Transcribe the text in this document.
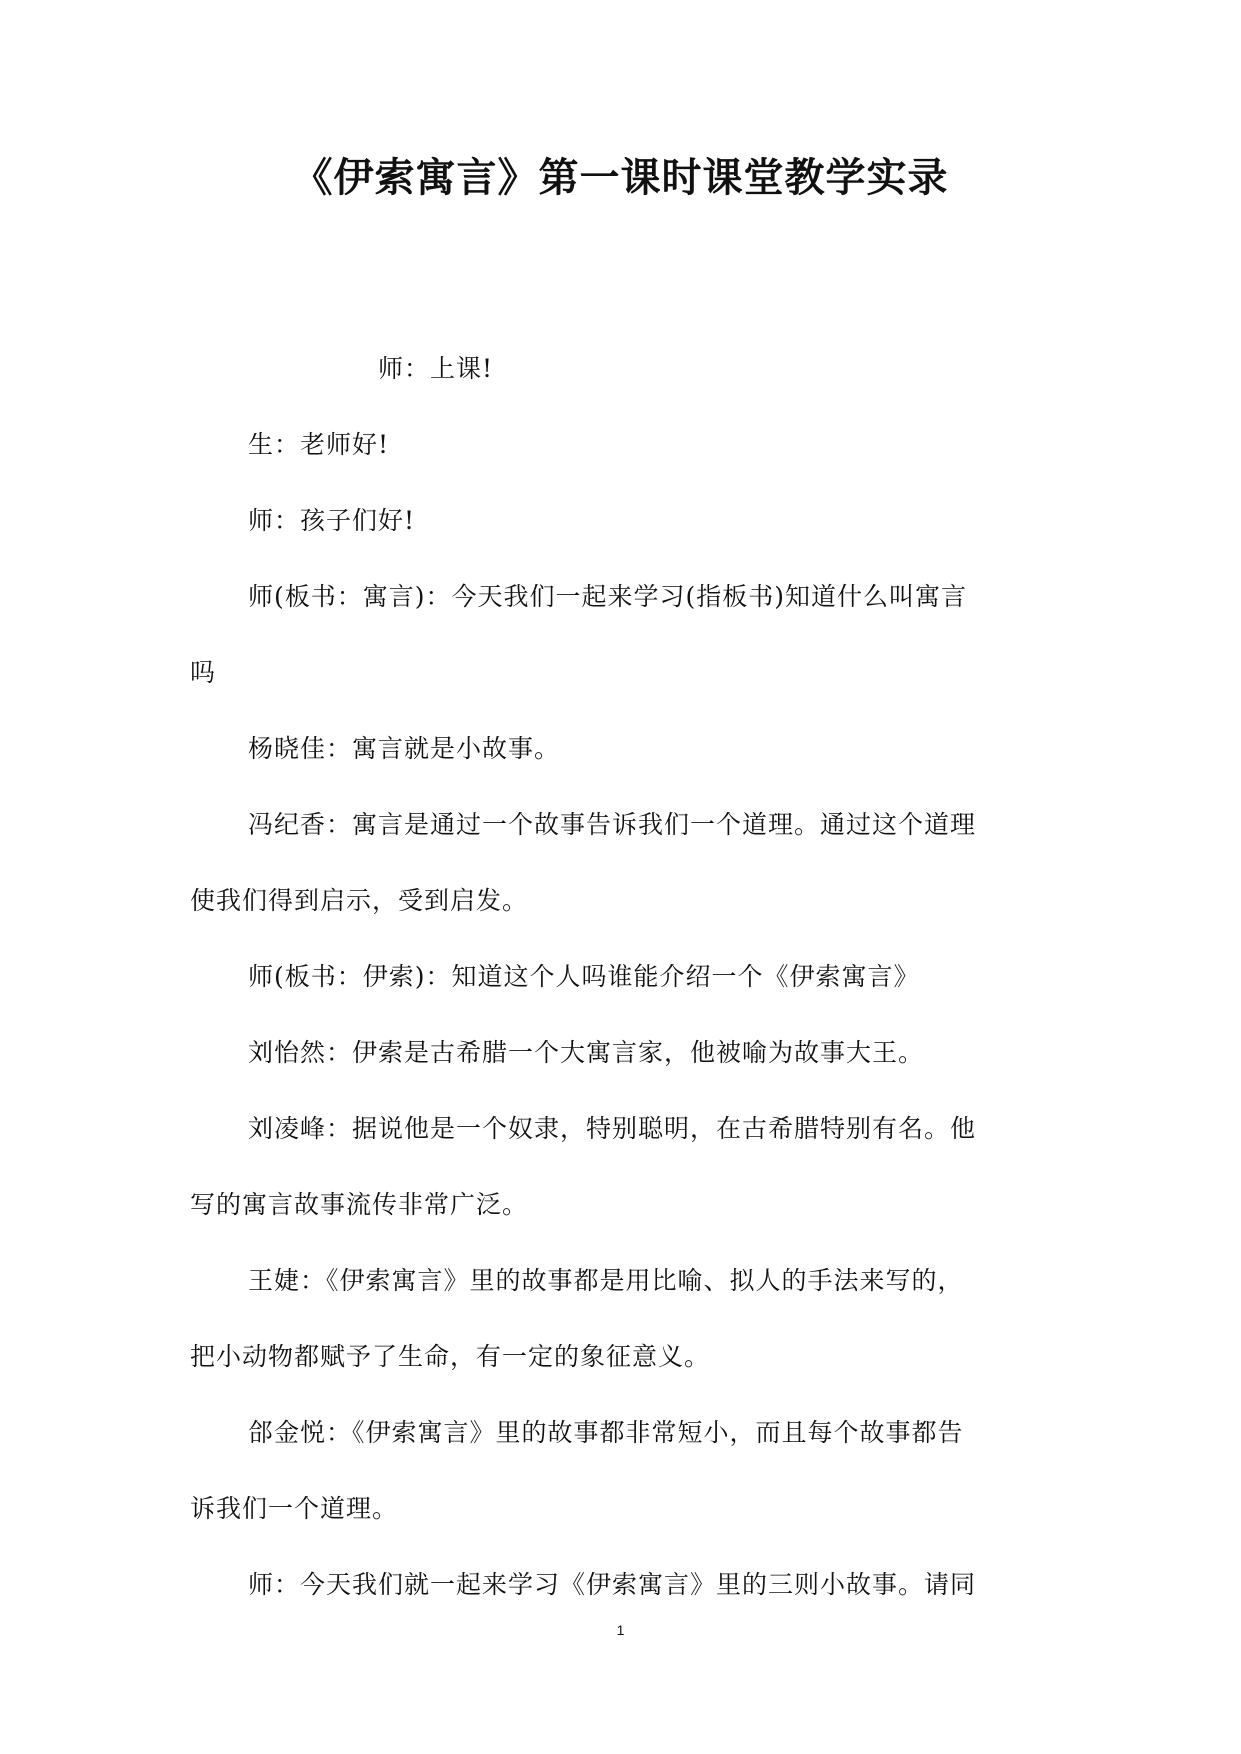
《伊索寓言》第一课时课堂教学实录

师：上课!

生：老师好!

师：孩子们好!

师(板书：寓言)：今天我们一起来学习(指板书)知道什么叫寓言
吗

杨晓佳：寓言就是小故事。

冯纪香：寓言是通过一个故事告诉我们一个道理。通过这个道理
使我们得到启示，受到启发。

师(板书：伊索)：知道这个人吗谁能介绍一个《伊索寓言》

刘怡然：伊索是古希腊一个大寓言家，他被喻为故事大王。

刘凌峰：据说他是一个奴隶，特别聪明，在古希腊特别有名。他
写的寓言故事流传非常广泛。

王婕：《伊索寓言》里的故事都是用比喻、拟人的手法来写的，
把小动物都赋予了生命，有一定的象征意义。

郃金悦：《伊索寓言》里的故事都非常短小，而且每个故事都告
诉我们一个道理。

师：今天我们就一起来学习《伊索寓言》里的三则小故事。请同

1
